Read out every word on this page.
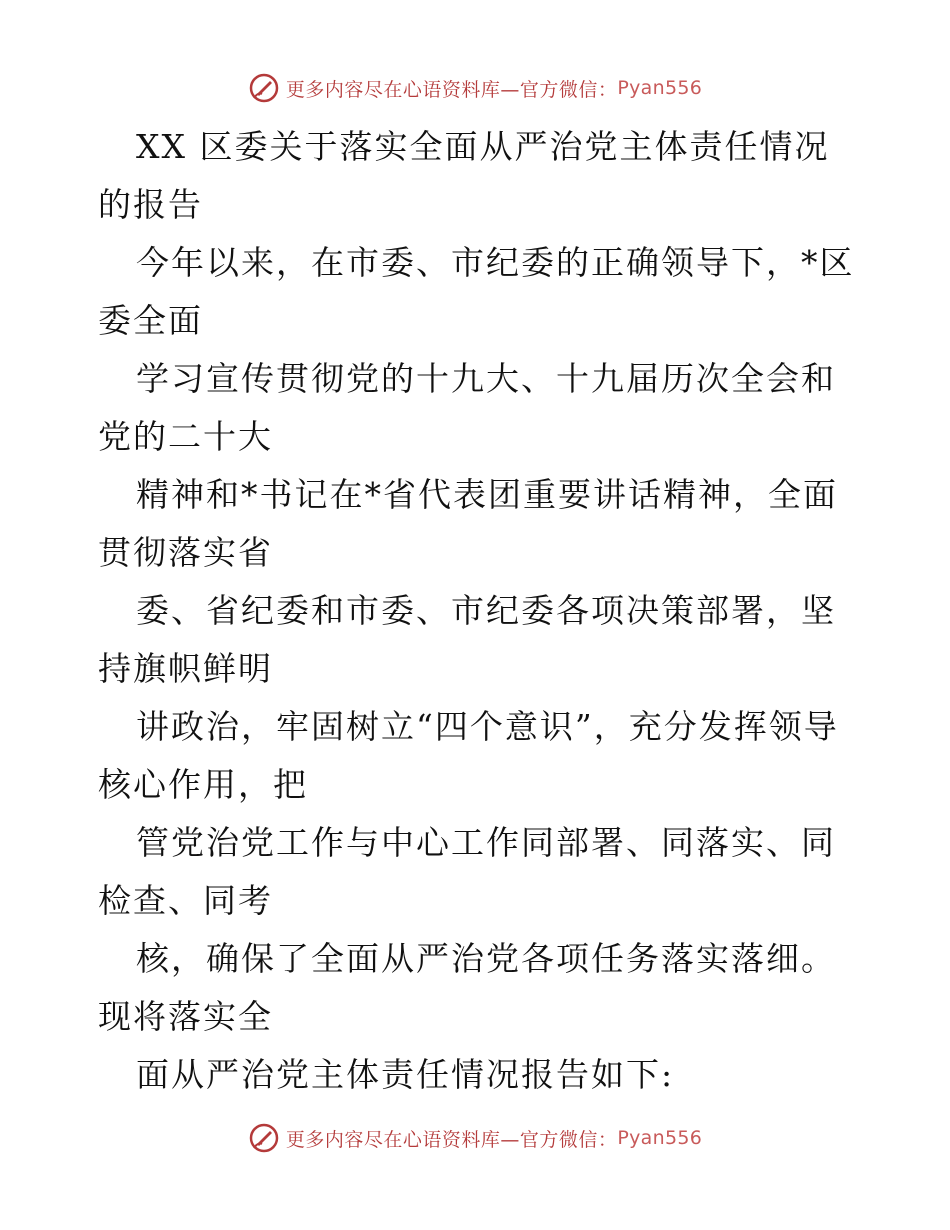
更多内容尽在心语资料库—官方微信： Pyan556

XX 区委关于落实全面从严治党主体责任情况的报告

今年以来，在市委、市纪委的正确领导下，*区委全面

学习宣传贯彻党的十九大、十九届历次全会和党的二十大

精神和*书记在*省代表团重要讲话精神，全面贯彻落实省

委、省纪委和市委、市纪委各项决策部署，坚持旗帜鲜明

讲政治，牢固树立“四个意识”，充分发挥领导核心作用，把

管党治党工作与中心工作同部署、同落实、同检查、同考

核，确保了全面从严治党各项任务落实落细。现将落实全

面从严治党主体责任情况报告如下:

更多内容尽在心语资料库—官方微信： Pyan556
